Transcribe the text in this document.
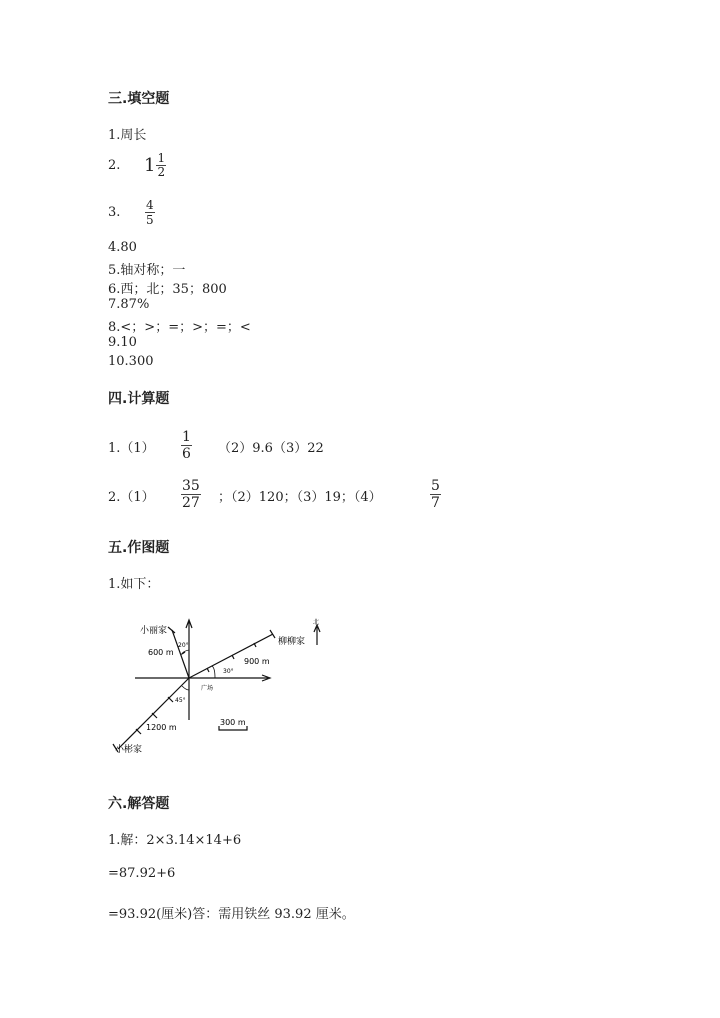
三.填空题
1.周长
2. $1 \frac{1}{2}$
3. $\frac{4}{5}$
4.80
5.轴对称；一
6.西；北；35；800
7.87%
8.<；>；=；>；=；<
9.10
10.300
四.计算题
$1.(1) \frac{1}{6} (2)9.6(3)22$
$2.(1) \frac{35}{27}$ ；（2）120；（3）19；（4）	$\frac{5}{7}$
五.作图题
1.如下：
小丽家
柳柳家
小彬家
广场
北
600 m
900 m
1200 m
300 m
20°
30°
45°
六.解答题
1.解：2×3.14×14+6
=87.92+6
=93.92(厘米)答：需用铁丝 93.92 厘米。
